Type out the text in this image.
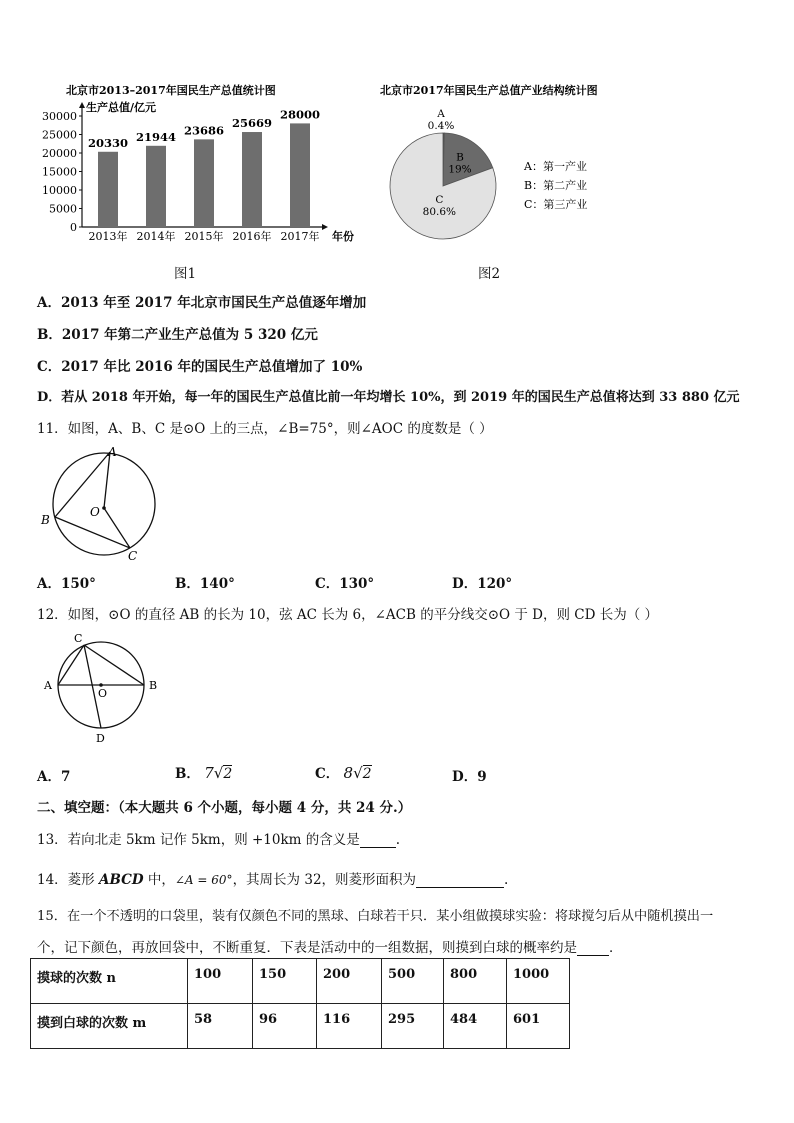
北京市2013–2017年国民生产总值统计图
生产总值/亿元
年份
0
5000
10000
15000
20000
25000
30000
20330
2013年
21944
2014年
23686
2015年
25669
2016年
28000
2017年
图1
北京市2017年国民生产总值产业结构统计图
A
0.4%
B
19%
C
80.6%
A：第一产业
B：第二产业
C：第三产业
图2
A．2013 年至 2017 年北京市国民生产总值逐年增加
B．2017 年第二产业生产总值为 5 320 亿元
C．2017 年比 2016 年的国民生产总值增加了 10%
D．若从 2018 年开始，每一年的国民生产总值比前一年均增长 10%，到 2019 年的国民生产总值将达到 33 880 亿元
11．如图，A、B、C 是⊙O 上的三点，∠B=75°，则∠AOC 的度数是（ ）
A
B
C
O
A．150°	B．140°	C．130°	D．120°
12．如图，⊙O 的直径 AB 的长为 10，弦 AC 长为 6，∠ACB 的平分线交⊙O 于 D，则 CD 长为（ ）
A	B
C
D
O
A．7	B． 7√2	C． 8√2	D．9
二、填空题：（本大题共 6 个小题，每小题 4 分，共 24 分.）
13．若向北走 5km 记作 5km，则 +10km 的含义是	.
14．菱形 ABCD 中，∠A = 60°，其周长为 32，则菱形面积为	.
15．在一个不透明的口袋里，装有仅颜色不同的黑球、白球若干只．某小组做摸球实验：将球搅匀后从中随机摸出一
个，记下颜色，再放回袋中，不断重复．下表是活动中的一组数据，则摸到白球的概率约是 ．
摸球的次数 n	100	150	200	500	800	1000
摸到白球的次数 m	58	96	116	295	484	601
